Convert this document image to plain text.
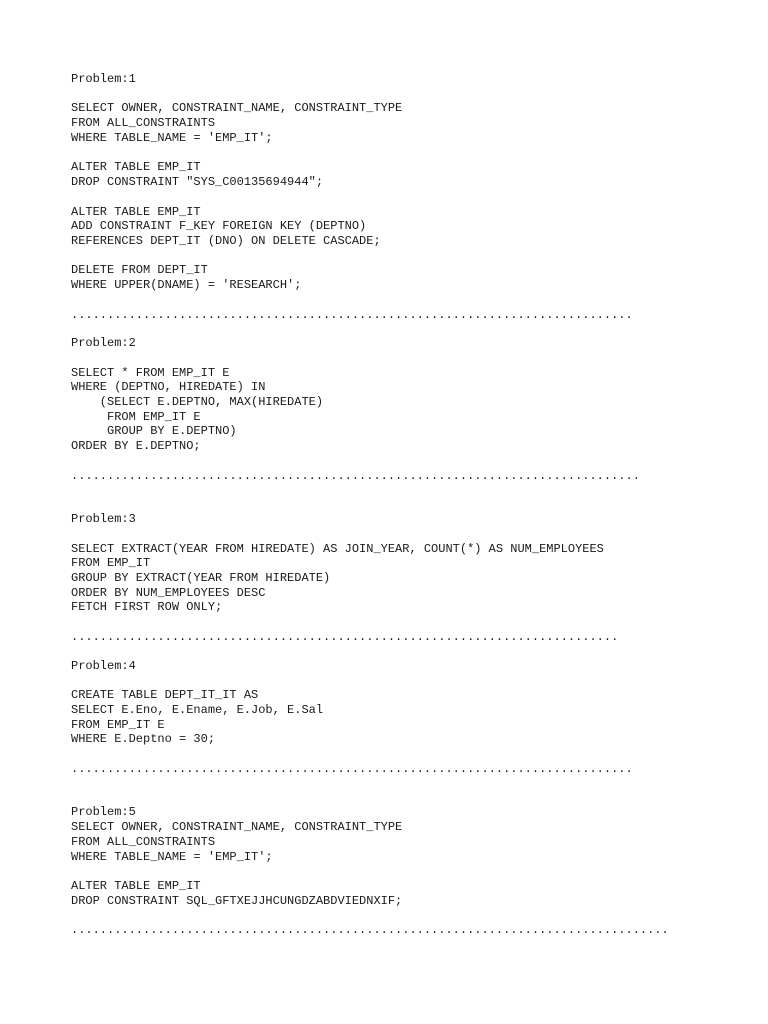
Problem:1
SELECT OWNER, CONSTRAINT_NAME, CONSTRAINT_TYPE
FROM ALL_CONSTRAINTS
WHERE TABLE_NAME = 'EMP_IT';
ALTER TABLE EMP_IT
DROP CONSTRAINT "SYS_C00135694944";
ALTER TABLE EMP_IT
ADD CONSTRAINT F_KEY FOREIGN KEY (DEPTNO)
REFERENCES DEPT_IT (DNO) ON DELETE CASCADE;
DELETE FROM DEPT_IT
WHERE UPPER(DNAME) = 'RESEARCH';
..............................................................................
Problem:2
SELECT * FROM EMP_IT E
WHERE (DEPTNO, HIREDATE) IN
(SELECT E.DEPTNO, MAX(HIREDATE)
FROM EMP_IT E
GROUP BY E.DEPTNO)
ORDER BY E.DEPTNO;
...............................................................................
Problem:3
SELECT EXTRACT(YEAR FROM HIREDATE) AS JOIN_YEAR, COUNT(*) AS NUM_EMPLOYEES
FROM EMP_IT
GROUP BY EXTRACT(YEAR FROM HIREDATE)
ORDER BY NUM_EMPLOYEES DESC
FETCH FIRST ROW ONLY;
............................................................................
Problem:4
CREATE TABLE DEPT_IT_IT AS
SELECT E.Eno, E.Ename, E.Job, E.Sal
FROM EMP_IT E
WHERE E.Deptno = 30;
..............................................................................
Problem:5
SELECT OWNER, CONSTRAINT_NAME, CONSTRAINT_TYPE
FROM ALL_CONSTRAINTS
WHERE TABLE_NAME = 'EMP_IT';
ALTER TABLE EMP_IT
DROP CONSTRAINT SQL_GFTXEJJHCUNGDZABDVIEDNXIF;
...................................................................................
